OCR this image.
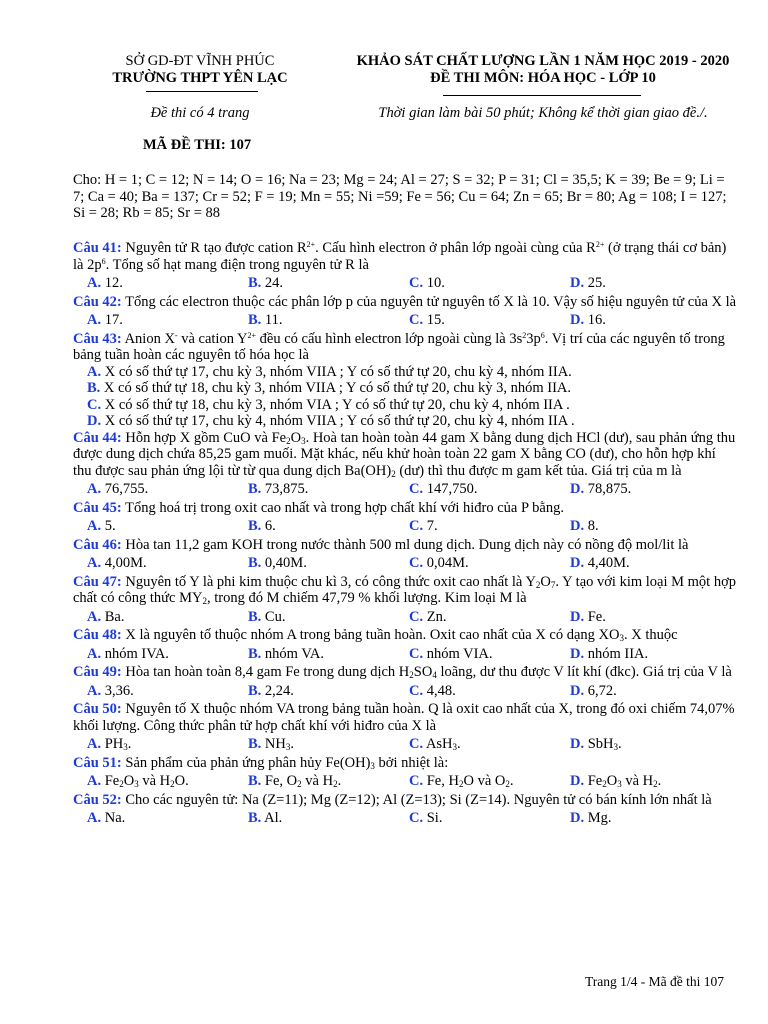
SỞ GD-ĐT VĨNH PHÚC
TRƯỜNG THPT YÊN LẠC
KHẢO SÁT CHẤT LƯỢNG LẦN 1 NĂM HỌC 2019 - 2020
ĐỀ THI MÔN: HÓA HỌC - LỚP 10
Đề thi có 4 trang	Thời gian làm bài 50 phút; Không kể thời gian giao đề./.
MÃ ĐỀ THI: 107
Cho: H = 1; C = 12; N = 14; O = 16; Na = 23; Mg = 24; Al = 27; S = 32; P = 31; Cl = 35,5; K = 39; Be = 9; Li = 7; Ca = 40; Ba = 137; Cr = 52; F = 19; Mn = 55; Ni =59; Fe = 56; Cu = 64; Zn = 65; Br = 80; Ag = 108; I = 127; Si = 28; Rb = 85; Sr = 88
Câu 41: Nguyên tử R tạo được cation $R^{2+}$. Cấu hình electron ở phân lớp ngoài cùng của $R^{2+}$ (ở trạng thái cơ bản) là $2p^6$. Tổng số hạt mang điện trong nguyên tử R là
A. 12.	B. 24.	C. 10.	D. 25.
Câu 42: Tổng các electron thuộc các phân lớp p của nguyên tử nguyên tố X là 10. Vậy số hiệu nguyên tử của X là
A. 17.	B. 11.	C. 15.	D. 16.
Câu 43: Anion X- và cation $Y^{2+}$ đều có cấu hình electron lớp ngoài cùng là $3s^23p^6$. Vị trí của các nguyên tố trong bảng tuần hoàn các nguyên tố hóa học là
A. X có số thứ tự 17, chu kỳ 3, nhóm VIIA ; Y có số thứ tự 20, chu kỳ 4, nhóm IIA.
B. X có số thứ tự 18, chu kỳ 3, nhóm VIIA ; Y có số thứ tự 20, chu kỳ 3, nhóm IIA.
C. X có số thứ tự 18, chu kỳ 3, nhóm VIA ; Y có số thứ tự 20, chu kỳ 4, nhóm IIA .
D. X có số thứ tự 17, chu kỳ 4, nhóm VIIA ; Y có số thứ tự 20, chu kỳ 4, nhóm IIA .
Câu 44: Hỗn hợp X gồm CuO và $Fe_2O_3$. Hoà tan hoàn toàn 44 gam X bằng dung dịch HCl (dư), sau phản ứng thu được dung dịch chứa 85,25 gam muối. Mặt khác, nếu khử hoàn toàn 22 gam X bằng CO (dư), cho hỗn hợp khí thu được sau phản ứng lội từ từ qua dung dịch $Ba(OH)_2$ (dư) thì thu được m gam kết tủa. Giá trị của m là
A. 76,755.	B. 73,875.	C. 147,750.	D. 78,875.
Câu 45: Tổng hoá trị trong oxit cao nhất và trong hợp chất khí với hiđro của P bằng.
A. 5.	B. 6.	C. 7.	D. 8.
Câu 46: Hòa tan 11,2 gam KOH trong nước thành 500 ml dung dịch. Dung dịch này có nồng độ mol/lit là
A. 4,00M.	B. 0,40M.	C. 0,04M.	D. 4,40M.
Câu 47: Nguyên tố Y là phi kim thuộc chu kì 3, có công thức oxit cao nhất là $Y_2O_7$. Y tạo với kim loại M một hợp chất có công thức $MY_2$, trong đó M chiếm 47,79 % khối lượng. Kim loại M là
A. Ba.	B. Cu.	C. Zn.	D. Fe.
Câu 48: X là nguyên tố thuộc nhóm A trong bảng tuần hoàn. Oxit cao nhất của X có dạng $XO_3$. X thuộc
A. nhóm IVA.	B. nhóm VA.	C. nhóm VIA.	D. nhóm IIA.
Câu 49: Hòa tan hoàn toàn 8,4 gam Fe trong dung dịch $H_2SO_4$ loãng, dư thu được V lít khí (đkc). Giá trị của V là
A. 3,36.	B. 2,24.	C. 4,48.	D. 6,72.
Câu 50: Nguyên tố X thuộc nhóm VA trong bảng tuần hoàn. Q là oxit cao nhất của X, trong đó oxi chiếm 74,07% khối lượng. Công thức phân tử hợp chất khí với hiđro của X là
A. $PH_3$.	B. $NH_3$.	C. AsH$_3$.	D. SbH$_3$.
Câu 51: Sản phẩm của phản ứng phân hủy $Fe(OH)_3$ bởi nhiệt là:
A. $Fe_2O_3$ và $H_2O$.	B. Fe, $O_2$ và $H_2$.	C. Fe, $H_2O$ và $O_2$.	D. $Fe_2O_3$ và $H_2$.
Câu 52: Cho các nguyên tử: Na (Z=11); Mg (Z=12); Al (Z=13); Si (Z=14). Nguyên tử có bán kính lớn nhất là
A. Na.	B. Al.	C. Si.	D. Mg.
Trang 1/4 - Mã đề thi 107
